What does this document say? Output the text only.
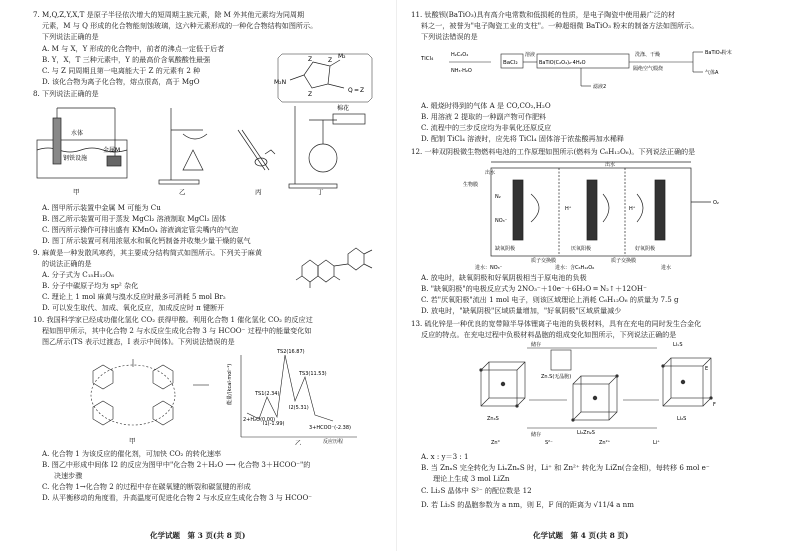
7. M,Q,Z,Y,X,T 是原子半径依次增大的短周期主族元素，除 M 外其他元素均为同周期
元素，M 与 Q 形成的化合物能刻蚀玻璃，这六种元素形成的一种化合物结构如图所示。
下列说法正确的是
A. M 与 X，Y 形成的化合物中，前者的沸点一定低于后者
B. Y，X，T 三种元素中，Y 的最高价含氧酸酸性最强
C. 与 Z 同周期且第一电离能大于 Z 的元素有 2 种
D. 该化合物为离子化合物，熔点很高，高于 MgO	M₂N
Z	Z
M₂
Z
Q = Z
8. 下列说法正确的是
水体
钢铁设施
金属M
棉花
甲	乙	丙	丁
A. 图甲所示装置中金属 M 可能为 Cu
B. 图乙所示装置可用于蒸发 MgCl₂ 溶液制取 MgCl₂ 固体
C. 图丙所示操作可排出盛有 KMnO₄ 溶液滴定管尖嘴内的气泡
D. 图丁所示装置可利用浓氨水和氧化钙制备并收集少量干燥的氨气
9. 麻黄是一种发散风寒药，其主要成分结构简式如图所示。下列关于麻黄
的说法正确的是
A. 分子式为 C₁₅H₁₂O₆
B. 分子中碳原子均为 sp² 杂化
C. 理论上 1 mol 麻黄与溴水反应时最多可消耗 5 mol Br₂
D. 可以发生取代、加成、氧化反应，加成反应时 π 键断开
10. 我国科学家已经成功催化氢化 CO₂ 获得甲酸。利用化合物 1 催化氢化 CO₂ 的反应过
程如图甲所示，其中化合物 2 与水反应生成化合物 3 与 HCOO⁻ 过程中的能量变化如
图乙所示(TS 表示过渡态，I 表示中间体)。下列说法错误的是
能量/(kcal·mol⁻¹)
TS2(16.87)
TS1(2.34)
TS3(11.53)
I2(5.31)
I1(-1.99)
2+H₂O(0.00)
3+HCOO⁻(-2.38)
反应历程
甲	乙
A. 化合物 1 为该反应的催化剂，可加快 CO₂ 的转化速率
B. 图乙中形成中间体 I2 的反应为图甲中"化合物 2＋H₂O ⟶ 化合物 3＋HCOO⁻"的
决速步骤
C. 化合物 1→化合物 2 的过程中存在碳氧键的断裂和碳氢键的形成
D. 从平衡移动的角度看，升高温度可促进化合物 2 与水反应生成化合物 3 与 HCOO⁻
化学试题　第 3 页(共 8 页)
11. 钛酸钡(BaTiO₃)具有高介电常数和低损耗的性质，是电子陶瓷中使用最广泛的材
料之一，被誉为"电子陶瓷工业的支柱"。一种超细微 BaTiO₃ 粉末的制备方法如图所示。
下列说法错误的是
TiCl₄
H₂C₂O₄
NH₃·H₂O
BaCl₂
溶液
BaTiO(C₂O₄)₂·4H₂O
洗涤、干燥
隔绝空气煅烧
BaTiO₃粉末
气体A
滤液2
A. 煅烧时得到的气体 A 是 CO,CO₂,H₂O
B. 用溶液 2 提取的一种副产物可作肥料
C. 流程中的三步反应均为非氧化还原反应
D. 配制 TiCl₄ 溶液时，应先将 TiCl₄ 固体溶于浓盐酸再加水稀释
12. 一种双阴极微生物燃料电池的工作原理如图所示(燃料为 C₆H₁₂O₆)。下列说法正确的是
出水
出水
生物膜
N₂
NO₃⁻
H⁺	H⁺
O₂
缺氧阴极	厌氧阳极	好氧阴极
质子交换膜	质子交换膜
进水：NO₃⁻	进水：含C₆H₁₂O₆	进水
A. 放电时，缺氧阴极和好氧阴极相当于原电池的负极
B. "缺氧阴极"的电极反应式为 2NO₃⁻＋10e⁻＋6H₂O ═ N₂↑＋12OH⁻
C. 若"厌氧阳极"流出 1 mol 电子，则该区域理论上消耗 C₆H₁₂O₆ 的质量为 7.5 g
D. 放电时，"缺氧阴极"区域质量增加，"好氧阴极"区域质量减少
13. 硫化锌是一种优良的宽带隙半导体锂离子电池的负极材料，具有在充电的同时发生合金化
反应的特点。在充电过程中负极材料晶胞的组成变化如图所示，下列说法正确的是
Zn₄S
Li₂Zn₂S
LiₓS
Li₂S
Zn⁰	S²⁻	Zn²⁺	Li⁺
E
F
Zn.S(无晶胞)
储存
储存
A. x : y＝3 : 1
B. 当 ZnₓS 完全转化为 LiₓZnₓS 时，Li⁺ 和 Zn²⁺ 转化为 LiZn(合金相)，每转移 6 mol e⁻
理论上生成 3 mol LiZn
C. Li₂S 晶体中 S²⁻ 的配位数是 12
D. 若 Li₂S 的晶胞参数为 a nm，则 E，F 间的距离为 √11/4 a nm
化学试题　第 4 页(共 8 页)
